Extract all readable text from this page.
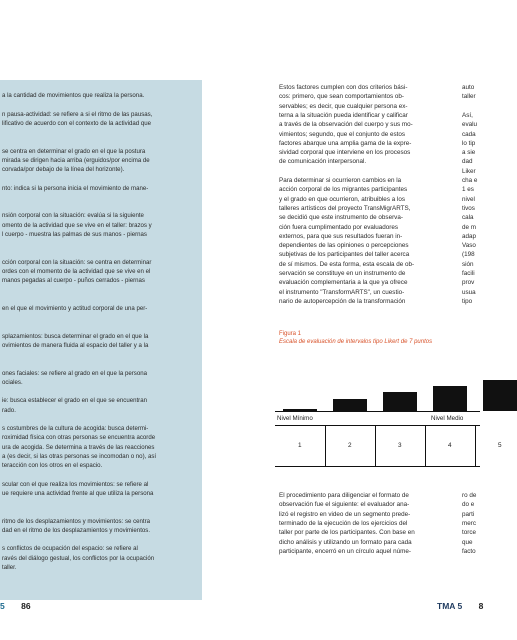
a la cantidad de movimientos que realiza la persona.
n pausa-actividad: se refiere a si el ritmo de las pausas,
lificativo de acuerdo con el contexto de la actividad que
se centra en determinar el grado en el que la postura
mirada se dirigen hacia arriba (erguidos/por encima de
corvada/por debajo de la línea del horizonte).
nto: indica si la persona inicia el movimiento de mane-
nsión corporal con la situación: evalúa si la siguiente
omento de la actividad que se vive en el taller: brazos y
l cuerpo - muestra las palmas de sus manos - piernas
cción corporal con la situación: se centra en determinar
ordes con el momento de la actividad que se vive en el
manos pegadas al cuerpo - puños cerrados - piernas
en el que el movimiento y actitud corporal de una per-
splazamientos: busca determinar el grado en el que la
ovimientos de manera fluida al espacio del taller y a la
ones faciales: se refiere al grado en el que la persona
ociales.
ie: busca establecer el grado en el que se encuentran
rado.
s costumbres de la cultura de acogida: busca determi-
roximidad física con otras personas se encuentra acorde
ura de acogida. Se determina a través de las reacciones
a (es decir, si las otras personas se incomodan o no), así
teracción con los otros en el espacio.
scular con el que realiza los movimientos: se refiere al
ue requiere una actividad frente al que utiliza la persona
ritmo de los desplazamientos y movimientos: se centra
dad en el ritmo de los desplazamientos y movimientos.
s conflictos de ocupación del espacio: se refiere al
ravés del diálogo gestual, los conflictos por la ocupación
taller.
Estos factores cumplen con dos criterios bási-
cos: primero, que sean comportamientos ob-
servables; es decir, que cualquier persona ex-
terna a la situación pueda identificar y calificar
a través de la observación del cuerpo y sus mo-
vimientos; segundo, que el conjunto de estos
factores abarque una amplia gama de la expre-
sividad corporal que interviene en los procesos
de comunicación interpersonal.
Para determinar si ocurrieron cambios en la
acción corporal de los migrantes participantes
y el grado en que ocurrieron, atribuibles a los
talleres artísticos del proyecto TransMigrARTS,
se decidió que este instrumento de observa-
ción fuera cumplimentado por evaluadores
externos, para que sus resultados fueran in-
dependientes de las opiniones o percepciones
subjetivas de los participantes del taller acerca
de sí mismos. De esta forma, esta escala de ob-
servación se constituye en un instrumento de
evaluación complementaria a la que ya ofrece
el instrumento "TransformARTS", un cuestio-
nario de autopercepción de la transformación
auto
taller
Así,
evalu
cada
lo tip
a sie
dad
Liker
cha e
1 es
nivel
tivos
cala
de m
adap
Vaso
(198
sión
facili
prov
usua
tipo
Figura 1
Escala de evaluación de intervalos tipo Likert de 7 puntos
Nivel Mínimo	Nivel Medio
1	2	3	4	5
El procedimiento para diligenciar el formato de
observación fue el siguiente: el evaluador ana-
lizó el registro en video de un segmento prede-
terminado de la ejecución de los ejercicios del
taller por parte de los participantes. Con base en
dicho análisis y utilizando un formato para cada
participante, encerró en un círculo aquel núme-
ro de
do e
parti
merc
torce
que
facto
5 86	TMA 5 8
